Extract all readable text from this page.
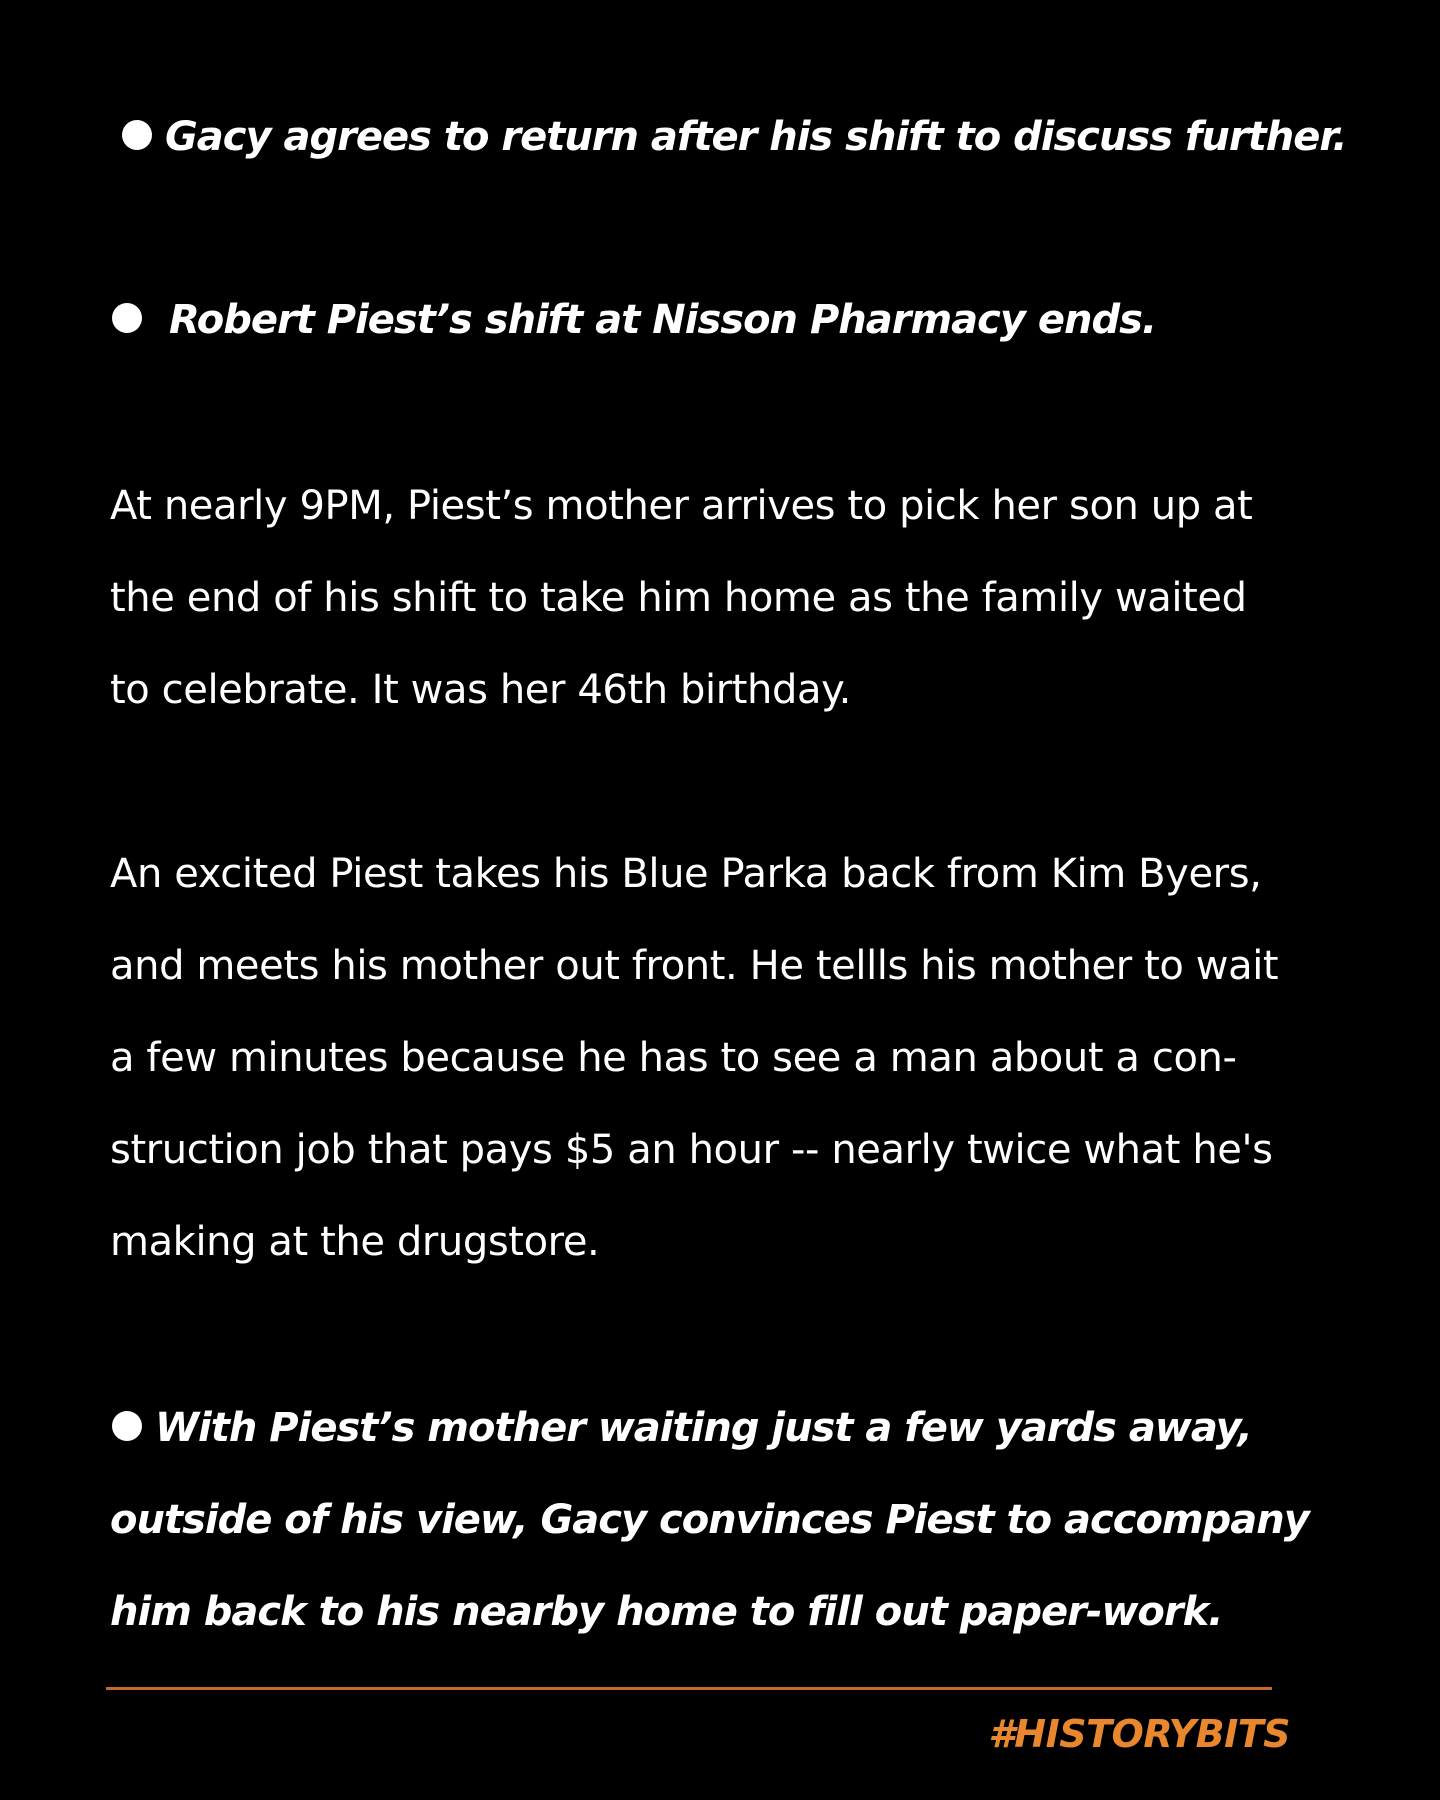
Gacy agrees to return after his shift to discuss further.
Robert Piest’s shift at Nisson Pharmacy ends.
At nearly 9PM, Piest’s mother arrives to pick her son up at
the end of his shift to take him home as the family waited
to celebrate. It was her 46th birthday.
An excited Piest takes his Blue Parka back from Kim Byers,
and meets his mother out front. He tellls his mother to wait
a few minutes because he has to see a man about a con-
struction job that pays $5 an hour -- nearly twice what he's
making at the drugstore.
With Piest’s mother waiting just a few yards away,
outside of his view, Gacy convinces Piest to accompany
him back to his nearby home to fill out paper-work.
#HISTORYBITS
